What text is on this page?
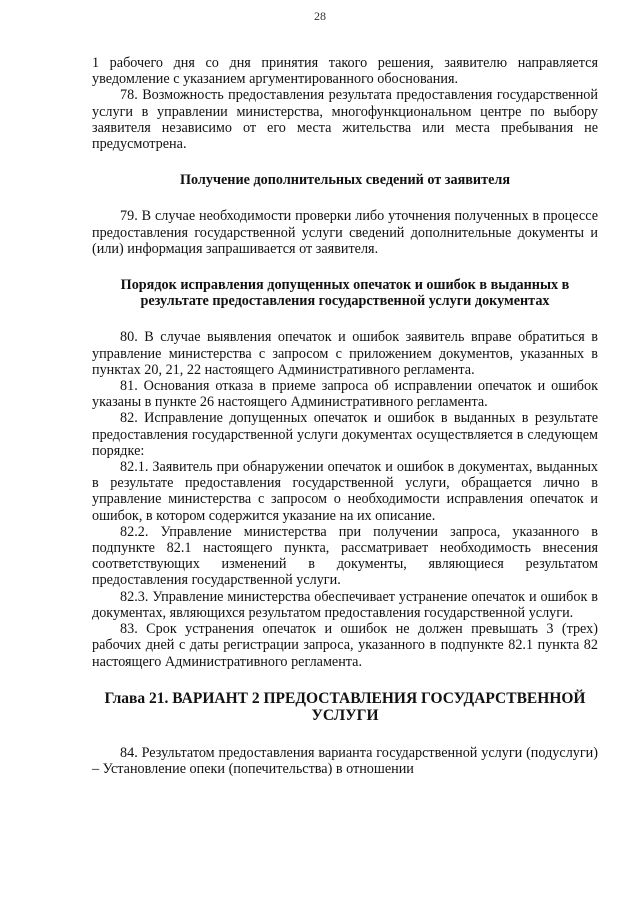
28

1 рабочего дня со дня принятия такого решения, заявителю направляется уведомление с указанием аргументированного обоснования.

78. Возможность предоставления результата предоставления государственной услуги в управлении министерства, многофункциональном центре по выбору заявителя независимо от его места жительства или места пребывания не предусмотрена.

Получение дополнительных сведений от заявителя

79. В случае необходимости проверки либо уточнения полученных в процессе предоставления государственной услуги сведений дополнительные документы и (или) информация запрашивается от заявителя.

Порядок исправления допущенных опечаток и ошибок в выданных в результате предоставления государственной услуги документах

80. В случае выявления опечаток и ошибок заявитель вправе обратиться в управление министерства с запросом с приложением документов, указанных в пунктах 20, 21, 22 настоящего Административного регламента.

81. Основания отказа в приеме запроса об исправлении опечаток и ошибок указаны в пункте 26 настоящего Административного регламента.

82. Исправление допущенных опечаток и ошибок в выданных в результате предоставления государственной услуги документах осуществляется в следующем порядке:

82.1. Заявитель при обнаружении опечаток и ошибок в документах, выданных в результате предоставления государственной услуги, обращается лично в управление министерства с запросом о необходимости исправления опечаток и ошибок, в котором содержится указание на их описание.

82.2. Управление министерства при получении запроса, указанного в подпункте 82.1 настоящего пункта, рассматривает необходимость внесения соответствующих изменений в документы, являющиеся результатом предоставления государственной услуги.

82.3. Управление министерства обеспечивает устранение опечаток и ошибок в документах, являющихся результатом предоставления государственной услуги.

83. Срок устранения опечаток и ошибок не должен превышать 3 (трех) рабочих дней с даты регистрации запроса, указанного в подпункте 82.1 пункта 82 настоящего Административного регламента.

Глава 21. ВАРИАНТ 2 ПРЕДОСТАВЛЕНИЯ ГОСУДАРСТВЕННОЙ УСЛУГИ

84. Результатом предоставления варианта государственной услуги (подуслуги) – Установление опеки (попечительства) в отношении
